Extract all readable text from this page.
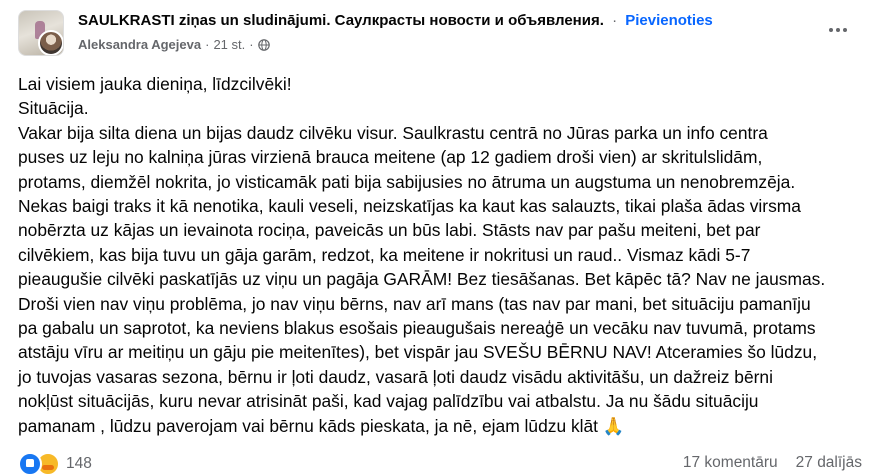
SAULKRASTI ziņas un sludinājumi. Саулкрасты новости и объявления. · Pievienoties
Aleksandra Agejeva · 21 st. ·
Lai visiem jauka dieniņa, līdzcilvēki!
Situācija.
Vakar bija silta diena un bijas daudz cilvēku visur. Saulkrastu centrā no Jūras parka un info centra
puses uz leju no kalniņa jūras virzienā brauca meitene (ap 12 gadiem droši vien) ar skritulslidām,
protams, diemžēl nokrita, jo visticamāk pati bija sabijusies no ātruma un augstuma un nenobremzēja.
Nekas baigi traks it kā nenotika, kauli veseli, neizskatījas ka kaut kas salauzts, tikai plaša ādas virsma
nobērzta uz kājas un ievainota rociņa, paveicās un būs labi. Stāsts nav par pašu meiteni, bet par
cilvēkiem, kas bija tuvu un gāja garām, redzot, ka meitene ir nokritusi un raud.. Vismaz kādi 5-7
pieaugušie cilvēki paskatījās uz viņu un pagāja GARĀM! Bez tiesāšanas. Bet kāpēc tā? Nav ne jausmas.
Droši vien nav viņu problēma, jo nav viņu bērns, nav arī mans (tas nav par mani, bet situāciju pamanīju
pa gabalu un saprotot, ka neviens blakus esošais pieaugušais nereaģē un vecāku nav tuvumā, protams
atstāju vīru ar meitiņu un gāju pie meitenītes), bet vispār jau SVEŠU BĒRNU NAV! Atceramies šo lūdzu,
jo tuvojas vasaras sezona, bērnu ir ļoti daudz, vasarā ļoti daudz visādu aktivitāšu, un dažreiz bērni
nokļūst situācijās, kuru nevar atrisināt paši, kad vajag palīdzību vai atbalstu. Ja nu šādu situāciju
pamanam , lūdzu paverojam vai bērnu kāds pieskata, ja nē, ejam lūdzu klāt 🙏
148	17 komentāru 27 dalījās
